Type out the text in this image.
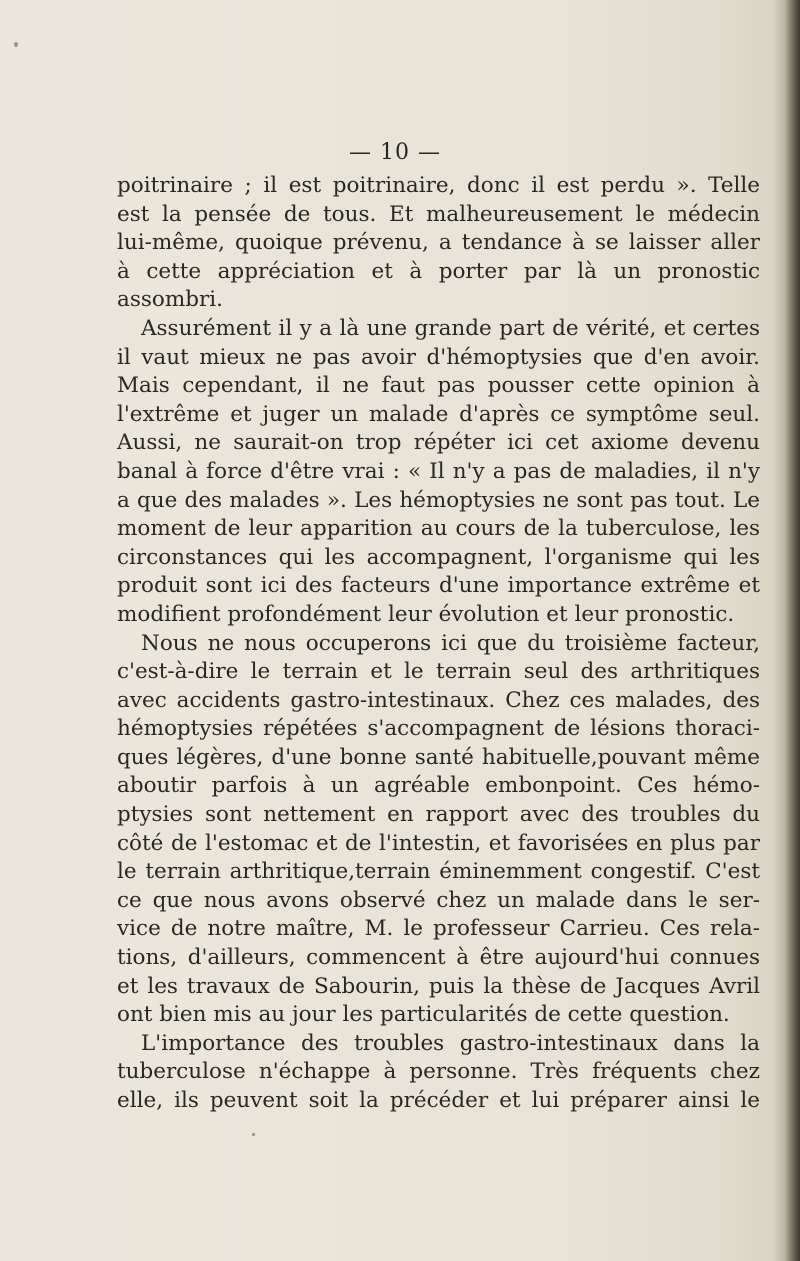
— 10 —
poitrinaire ; il est poitrinaire, donc il est perdu ». Telle
est la pensée de tous. Et malheureusement le médecin
lui-même, quoique prévenu, a tendance à se laisser aller
à cette appréciation et à porter par là un pronostic
assombri.
Assurément il y a là une grande part de vérité, et certes
il vaut mieux ne pas avoir d'hémoptysies que d'en avoir.
Mais cependant, il ne faut pas pousser cette opinion à
l'extrême et juger un malade d'après ce symptôme seul.
Aussi, ne saurait-on trop répéter ici cet axiome devenu
banal à force d'être vrai : « Il n'y a pas de maladies, il n'y
a que des malades ». Les hémoptysies ne sont pas tout. Le
moment de leur apparition au cours de la tuberculose, les
circonstances qui les accompagnent, l'organisme qui les
produit sont ici des facteurs d'une importance extrême et
modifient profondément leur évolution et leur pronostic.
Nous ne nous occuperons ici que du troisième facteur,
c'est-à-dire le terrain et le terrain seul des arthritiques
avec accidents gastro-intestinaux. Chez ces malades, des
hémoptysies répétées s'accompagnent de lésions thoraci-
ques légères, d'une bonne santé habituelle,pouvant même
aboutir parfois à un agréable embonpoint. Ces hémo-
ptysies sont nettement en rapport avec des troubles du
côté de l'estomac et de l'intestin, et favorisées en plus par
le terrain arthritique,terrain éminemment congestif. C'est
ce que nous avons observé chez un malade dans le ser-
vice de notre maître, M. le professeur Carrieu. Ces rela-
tions, d'ailleurs, commencent à être aujourd'hui connues
et les travaux de Sabourin, puis la thèse de Jacques Avril
ont bien mis au jour les particularités de cette question.
L'importance des troubles gastro-intestinaux dans la
tuberculose n'échappe à personne. Très fréquents chez
elle, ils peuvent soit la précéder et lui préparer ainsi le
